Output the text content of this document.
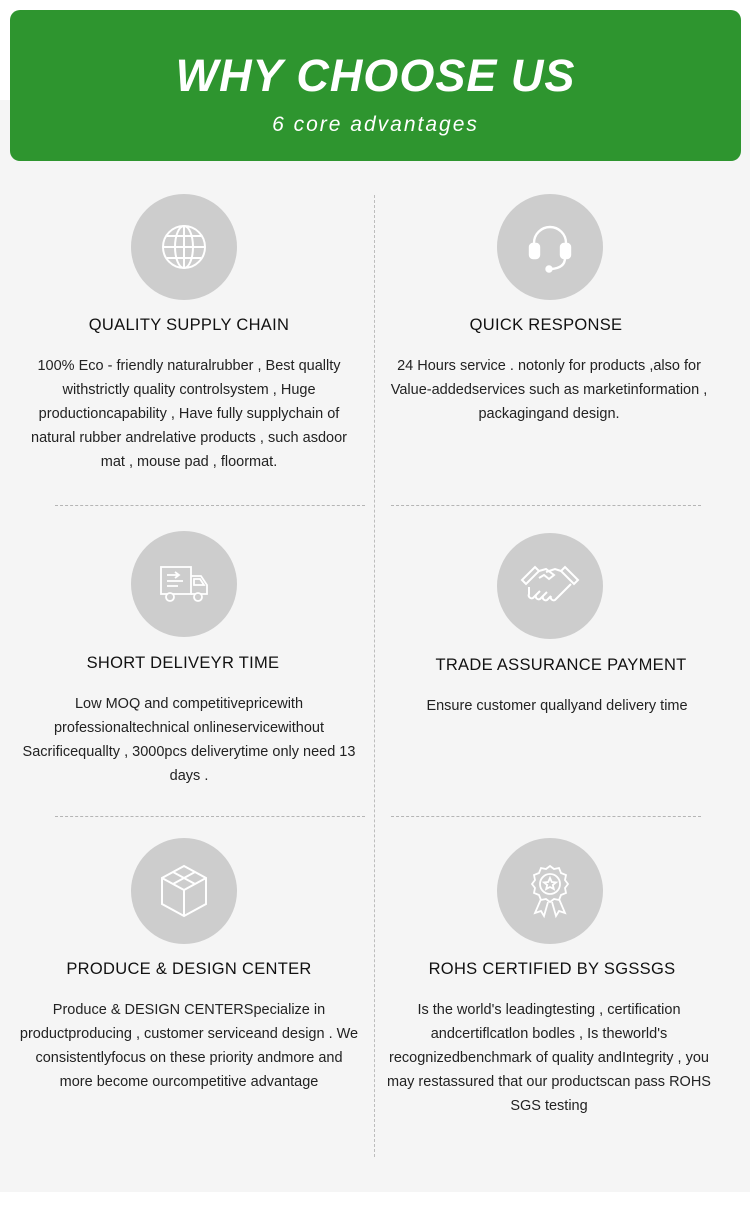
WHY CHOOSE US
6 core advantages
QUALITY SUPPLY CHAIN
100% Eco - friendly naturalrubber , Best quallty withstrictly quality controlsystem , Huge productioncapability , Have fully supplychain of natural rubber andrelative products , such asdoor mat , mouse pad , floormat.
QUICK RESPONSE
24 Hours service . notonly for products ,also for Value-addedservices such as marketinformation , packagingand design.
SHORT DELIVEYR TIME
Low MOQ and competitivepricewith professionaltechnical onlineservicewithout Sacrificequallty , 3000pcs deliverytime only need 13 days .
TRADE ASSURANCE PAYMENT
Ensure customer quallyand delivery time
PRODUCE & DESIGN CENTER
Produce & DESIGN CENTERSpecialize in productproducing , customer serviceand design . We consistentlyfocus on these priority andmore and more become ourcompetitive advantage
ROHS CERTIFIED BY SGSSGS
Is the world's leadingtesting , certification andcertiflcatlon bodles , Is theworld's recognizedbenchmark of quality andIntegrity , you may restassured that our productscan pass ROHS SGS testing
